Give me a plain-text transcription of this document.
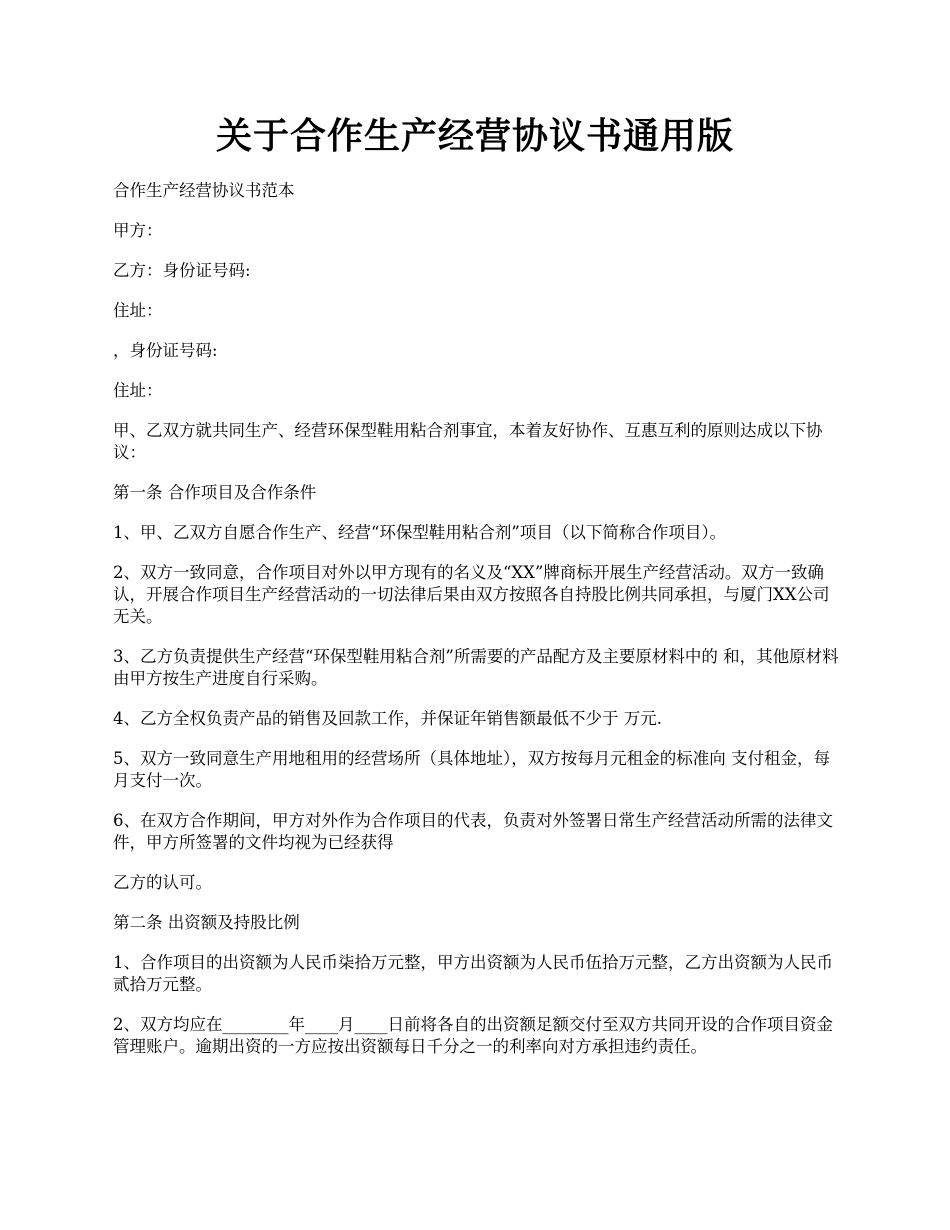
关于合作生产经营协议书通用版

合作生产经营协议书范本

甲方：

乙方：身份证号码:

住址：

，身份证号码:

住址：

甲、乙双方就共同生产、经营环保型鞋用粘合剂事宜，本着友好协作、互惠互利的原则达成以下协议：

第一条 合作项目及合作条件

1、甲、乙双方自愿合作生产、经营“环保型鞋用粘合剂”项目（以下简称合作项目）。

2、双方一致同意，合作项目对外以甲方现有的名义及“XX”牌商标开展生产经营活动。双方一致确认，开展合作项目生产经营活动的一切法律后果由双方按照各自持股比例共同承担，与厦门XX公司无关。

3、乙方负责提供生产经营“环保型鞋用粘合剂”所需要的产品配方及主要原材料中的 和，其他原材料由甲方按生产进度自行采购。

4、乙方全权负责产品的销售及回款工作，并保证年销售额最低不少于 万元.

5、双方一致同意生产用地租用的经营场所（具体地址），双方按每月元租金的标准向 支付租金，每月支付一次。

6、在双方合作期间，甲方对外作为合作项目的代表，负责对外签署日常生产经营活动所需的法律文件，甲方所签署的文件均视为已经获得

乙方的认可。

第二条 出资额及持股比例

1、合作项目的出资额为人民币柒拾万元整，甲方出资额为人民币伍拾万元整，乙方出资额为人民币贰拾万元整。

2、双方均应在________年____月____日前将各自的出资额足额交付至双方共同开设的合作项目资金管理账户。逾期出资的一方应按出资额每日千分之一的利率向对方承担违约责任。
